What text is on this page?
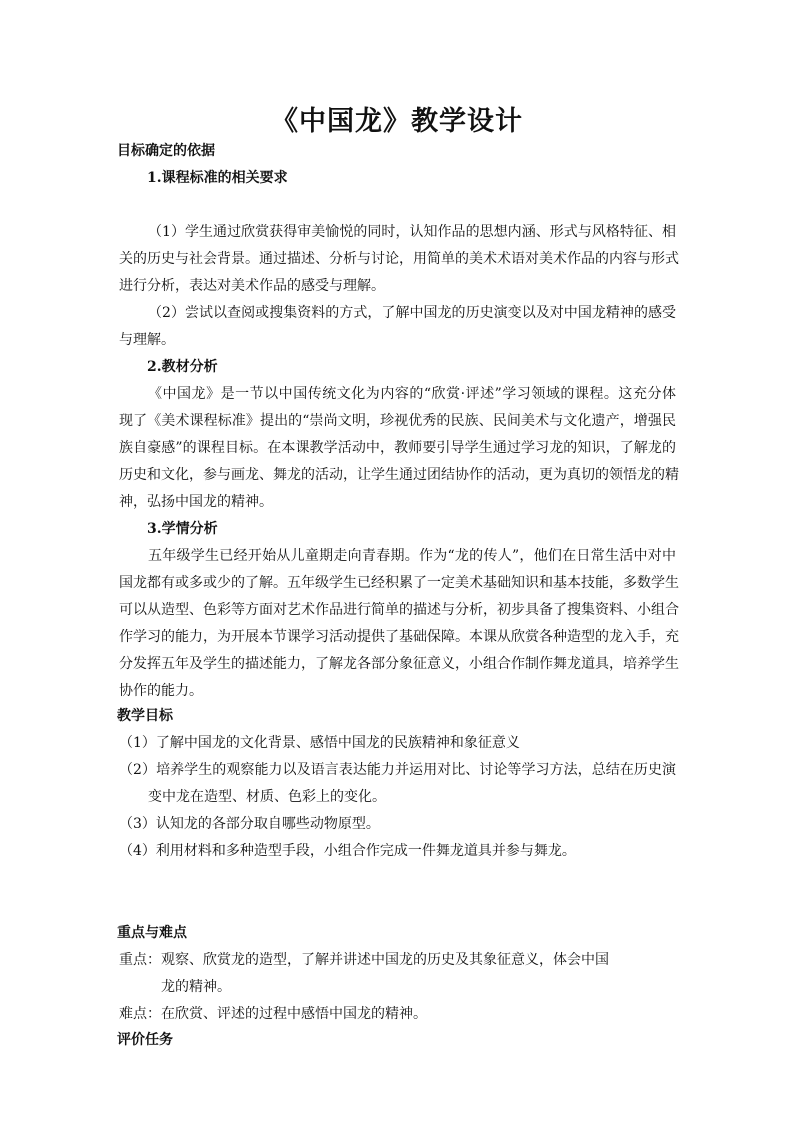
《中国龙》教学设计
目标确定的依据
1.课程标准的相关要求
（1）学生通过欣赏获得审美愉悦的同时，认知作品的思想内涵、形式与风格特征、相
关的历史与社会背景。通过描述、分析与讨论，用简单的美术术语对美术作品的内容与形式
进行分析，表达对美术作品的感受与理解。
（2）尝试以查阅或搜集资料的方式，了解中国龙的历史演变以及对中国龙精神的感受
与理解。
2.教材分析
《中国龙》是一节以中国传统文化为内容的“欣赏·评述”学习领域的课程。这充分体
现了《美术课程标准》提出的“崇尚文明，珍视优秀的民族、民间美术与文化遗产，增强民
族自豪感”的课程目标。在本课教学活动中，教师要引导学生通过学习龙的知识，了解龙的
历史和文化，参与画龙、舞龙的活动，让学生通过团结协作的活动，更为真切的领悟龙的精
神，弘扬中国龙的精神。
3.学情分析
五年级学生已经开始从儿童期走向青春期。作为“龙的传人”，他们在日常生活中对中
国龙都有或多或少的了解。五年级学生已经积累了一定美术基础知识和基本技能，多数学生
可以从造型、色彩等方面对艺术作品进行简单的描述与分析，初步具备了搜集资料、小组合
作学习的能力，为开展本节课学习活动提供了基础保障。本课从欣赏各种造型的龙入手，充
分发挥五年及学生的描述能力，了解龙各部分象征意义，小组合作制作舞龙道具，培养学生
协作的能力。
教学目标
（1）了解中国龙的文化背景、感悟中国龙的民族精神和象征意义
（2）培养学生的观察能力以及语言表达能力并运用对比、讨论等学习方法，总结在历史演
变中龙在造型、材质、色彩上的变化。
（3）认知龙的各部分取自哪些动物原型。
（4）利用材料和多种造型手段，小组合作完成一件舞龙道具并参与舞龙。
重点与难点
重点：观察、欣赏龙的造型，了解并讲述中国龙的历史及其象征意义，体会中国
龙的精神。
难点：在欣赏、评述的过程中感悟中国龙的精神。
评价任务
